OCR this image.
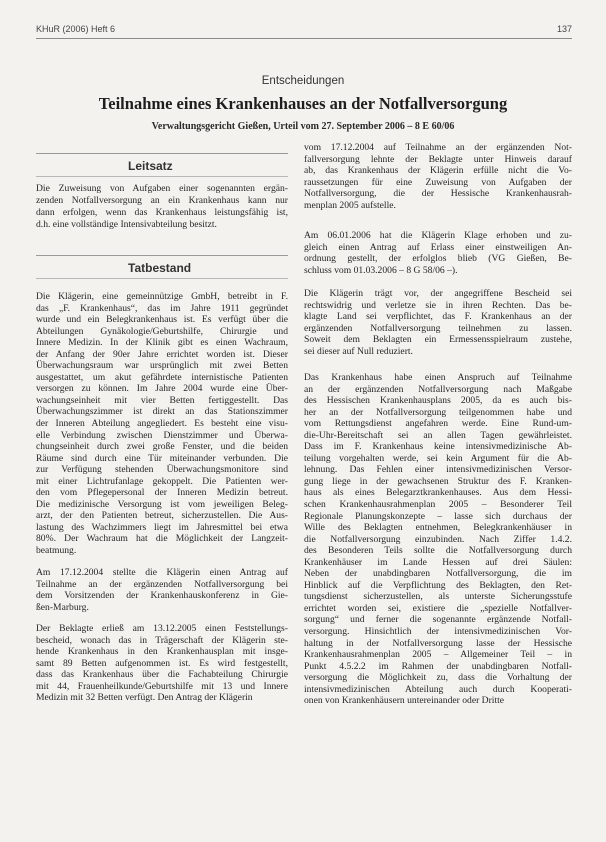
KHuR (2006) Heft 6	137
Entscheidungen
Teilnahme eines Krankenhauses an der Notfallversorgung
Verwaltungsgericht Gießen, Urteil vom 27. September 2006 – 8 E 60/06
Leitsatz
Die Zuweisung von Aufgaben einer sogenannten ergän-
zenden Notfallversorgung an ein Krankenhaus kann nur
dann erfolgen, wenn das Krankenhaus leistungsfähig ist,
d.h. eine vollständige Intensivabteilung besitzt.
Tatbestand
Die Klägerin, eine gemeinnützige GmbH, betreibt in F.
das „F. Krankenhaus“, das im Jahre 1911 gegründet
wurde und ein Belegkrankenhaus ist. Es verfügt über die
Abteilungen Gynäkologie/Geburtshilfe, Chirurgie und
Innere Medizin. In der Klinik gibt es einen Wachraum,
der Anfang der 90er Jahre errichtet worden ist. Dieser
Überwachungsraum war ursprünglich mit zwei Betten
ausgestattet, um akut gefährdete internistische Patienten
versorgen zu können. Im Jahre 2004 wurde eine Über-
wachungseinheit mit vier Betten fertiggestellt. Das
Überwachungszimmer ist direkt an das Stationszimmer
der Inneren Abteilung angegliedert. Es besteht eine visu-
elle Verbindung zwischen Dienstzimmer und Überwa-
chungseinheit durch zwei große Fenster, und die beiden
Räume sind durch eine Tür miteinander verbunden. Die
zur Verfügung stehenden Überwachungsmonitore sind
mit einer Lichtrufanlage gekoppelt. Die Patienten wer-
den vom Pflegepersonal der Inneren Medizin betreut.
Die medizinische Versorgung ist vom jeweiligen Beleg-
arzt, der den Patienten betreut, sicherzustellen. Die Aus-
lastung des Wachzimmers liegt im Jahresmittel bei etwa
80%. Der Wachraum hat die Möglichkeit der Langzeit-
beatmung.
Am 17.12.2004 stellte die Klägerin einen Antrag auf
Teilnahme an der ergänzenden Notfallversorgung bei
dem Vorsitzenden der Krankenhauskonferenz in Gie-
ßen-Marburg.
Der Beklagte erließ am 13.12.2005 einen Feststellungs-
bescheid, wonach das in Trägerschaft der Klägerin ste-
hende Krankenhaus in den Krankenhausplan mit insge-
samt 89 Betten aufgenommen ist. Es wird festgestellt,
dass das Krankenhaus über die Fachabteilung Chirurgie
mit 44, Frauenheilkunde/Geburtshilfe mit 13 und Innere
Medizin mit 32 Betten verfügt. Den Antrag der Klägerin
vom 17.12.2004 auf Teilnahme an der ergänzenden Not-
fallversorgung lehnte der Beklagte unter Hinweis darauf
ab, das Krankenhaus der Klägerin erfülle nicht die Vo-
raussetzungen für eine Zuweisung von Aufgaben der
Notfallversorgung, die der Hessische Krankenhausrah-
menplan 2005 aufstelle.
Am 06.01.2006 hat die Klägerin Klage erhoben und zu-
gleich einen Antrag auf Erlass einer einstweiligen An-
ordnung gestellt, der erfolglos blieb (VG Gießen, Be-
schluss vom 01.03.2006 – 8 G 58/06 –).
Die Klägerin trägt vor, der angegriffene Bescheid sei
rechtswidrig und verletze sie in ihren Rechten. Das be-
klagte Land sei verpflichtet, das F. Krankenhaus an der
ergänzenden Notfallversorgung teilnehmen zu lassen.
Soweit dem Beklagten ein Ermessensspielraum zustehe,
sei dieser auf Null reduziert.
Das Krankenhaus habe einen Anspruch auf Teilnahme
an der ergänzenden Notfallversorgung nach Maßgabe
des Hessischen Krankenhausplans 2005, da es auch bis-
her an der Notfallversorgung teilgenommen habe und
vom Rettungsdienst angefahren werde. Eine Rund-um-
die-Uhr-Bereitschaft sei an allen Tagen gewährleistet.
Dass im F. Krankenhaus keine intensivmedizinische Ab-
teilung vorgehalten werde, sei kein Argument für die Ab-
lehnung. Das Fehlen einer intensivmedizinischen Versor-
gung liege in der gewachsenen Struktur des F. Kranken-
haus als eines Belegarztkrankenhauses. Aus dem Hessi-
schen Krankenhausrahmenplan 2005 – Besonderer Teil
Regionale Planungskonzepte – lasse sich durchaus der
Wille des Beklagten entnehmen, Belegkrankenhäuser in
die Notfallversorgung einzubinden. Nach Ziffer 1.4.2.
des Besonderen Teils sollte die Notfallversorgung durch
Krankenhäuser im Lande Hessen auf drei Säulen:
Neben der unabdingbaren Notfallversorgung, die im
Hinblick auf die Verpflichtung des Beklagten, den Ret-
tungsdienst sicherzustellen, als unterste Sicherungsstufe
errichtet worden sei, existiere die „spezielle Notfallver-
sorgung“ und ferner die sogenannte ergänzende Notfall-
versorgung. Hinsichtlich der intensivmedizinischen Vor-
haltung in der Notfallversorgung lasse der Hessische
Krankenhausrahmenplan 2005 – Allgemeiner Teil – in
Punkt 4.5.2.2 im Rahmen der unabdingbaren Notfall-
versorgung die Möglichkeit zu, dass die Vorhaltung der
intensivmedizinischen Abteilung auch durch Kooperati-
onen von Krankenhäusern untereinander oder Dritte
